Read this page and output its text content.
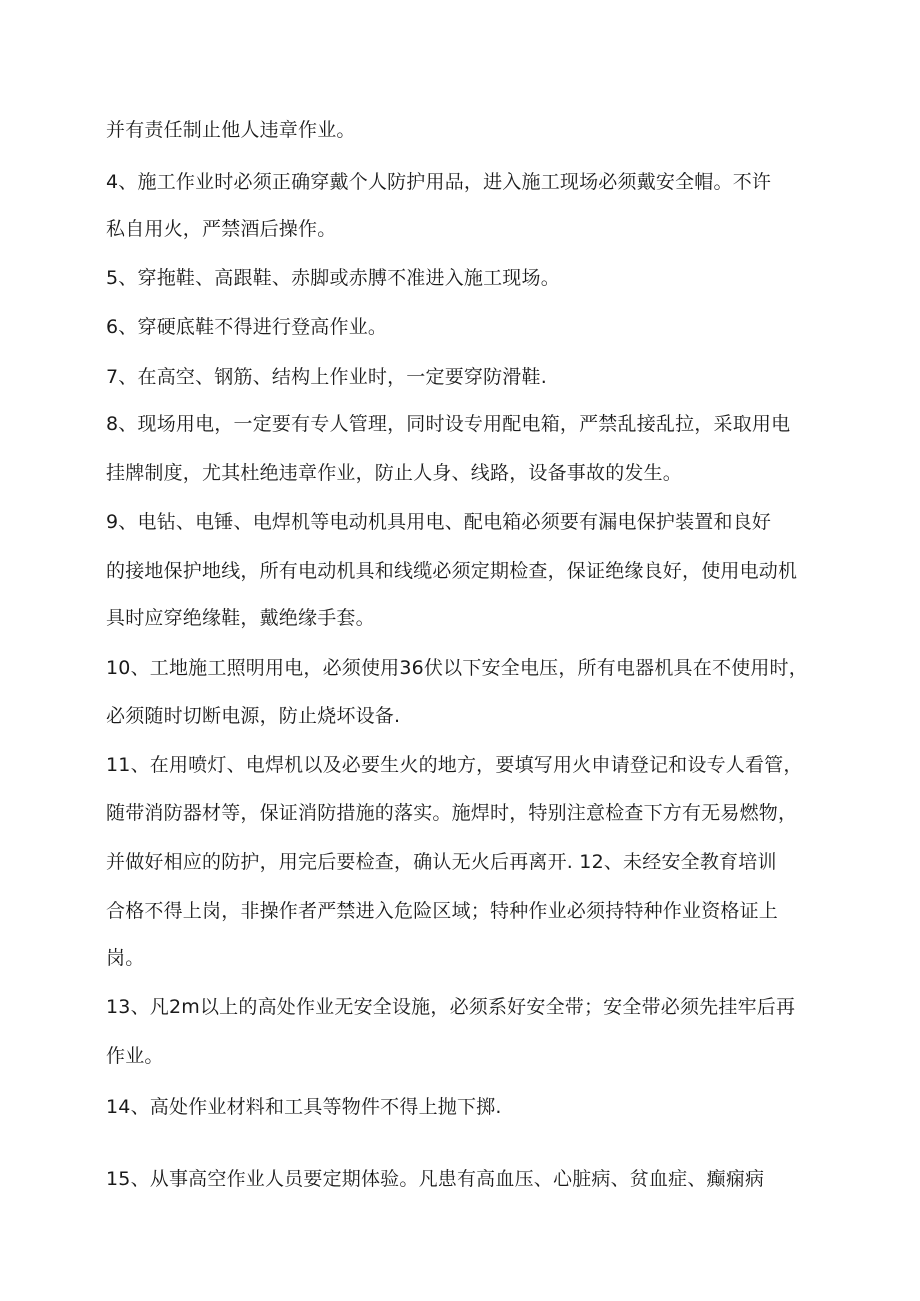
并有责任制止他人违章作业。
4、施工作业时必须正确穿戴个人防护用品，进入施工现场必须戴安全帽。不许
私自用火，严禁酒后操作。
5、穿拖鞋、高跟鞋、赤脚或赤膊不准进入施工现场。
6、穿硬底鞋不得进行登高作业。
7、在高空、钢筋、结构上作业时，一定要穿防滑鞋.
8、现场用电，一定要有专人管理，同时设专用配电箱，严禁乱接乱拉，采取用电
挂牌制度，尤其杜绝违章作业，防止人身、线路，设备事故的发生。
9、电钻、电锤、电焊机等电动机具用电、配电箱必须要有漏电保护装置和良好
的接地保护地线，所有电动机具和线缆必须定期检查，保证绝缘良好，使用电动机
具时应穿绝缘鞋，戴绝缘手套。
10、工地施工照明用电，必须使用36伏以下安全电压，所有电器机具在不使用时，
必须随时切断电源，防止烧坏设备.
11、在用喷灯、电焊机以及必要生火的地方，要填写用火申请登记和设专人看管，
随带消防器材等，保证消防措施的落实。施焊时，特别注意检查下方有无易燃物，
并做好相应的防护，用完后要检查，确认无火后再离开. 12、未经安全教育培训
合格不得上岗，非操作者严禁进入危险区域；特种作业必须持特种作业资格证上
岗。
13、凡2m以上的高处作业无安全设施，必须系好安全带；安全带必须先挂牢后再
作业。
14、高处作业材料和工具等物件不得上抛下掷.
15、从事高空作业人员要定期体验。凡患有高血压、心脏病、贫血症、癫痫病
